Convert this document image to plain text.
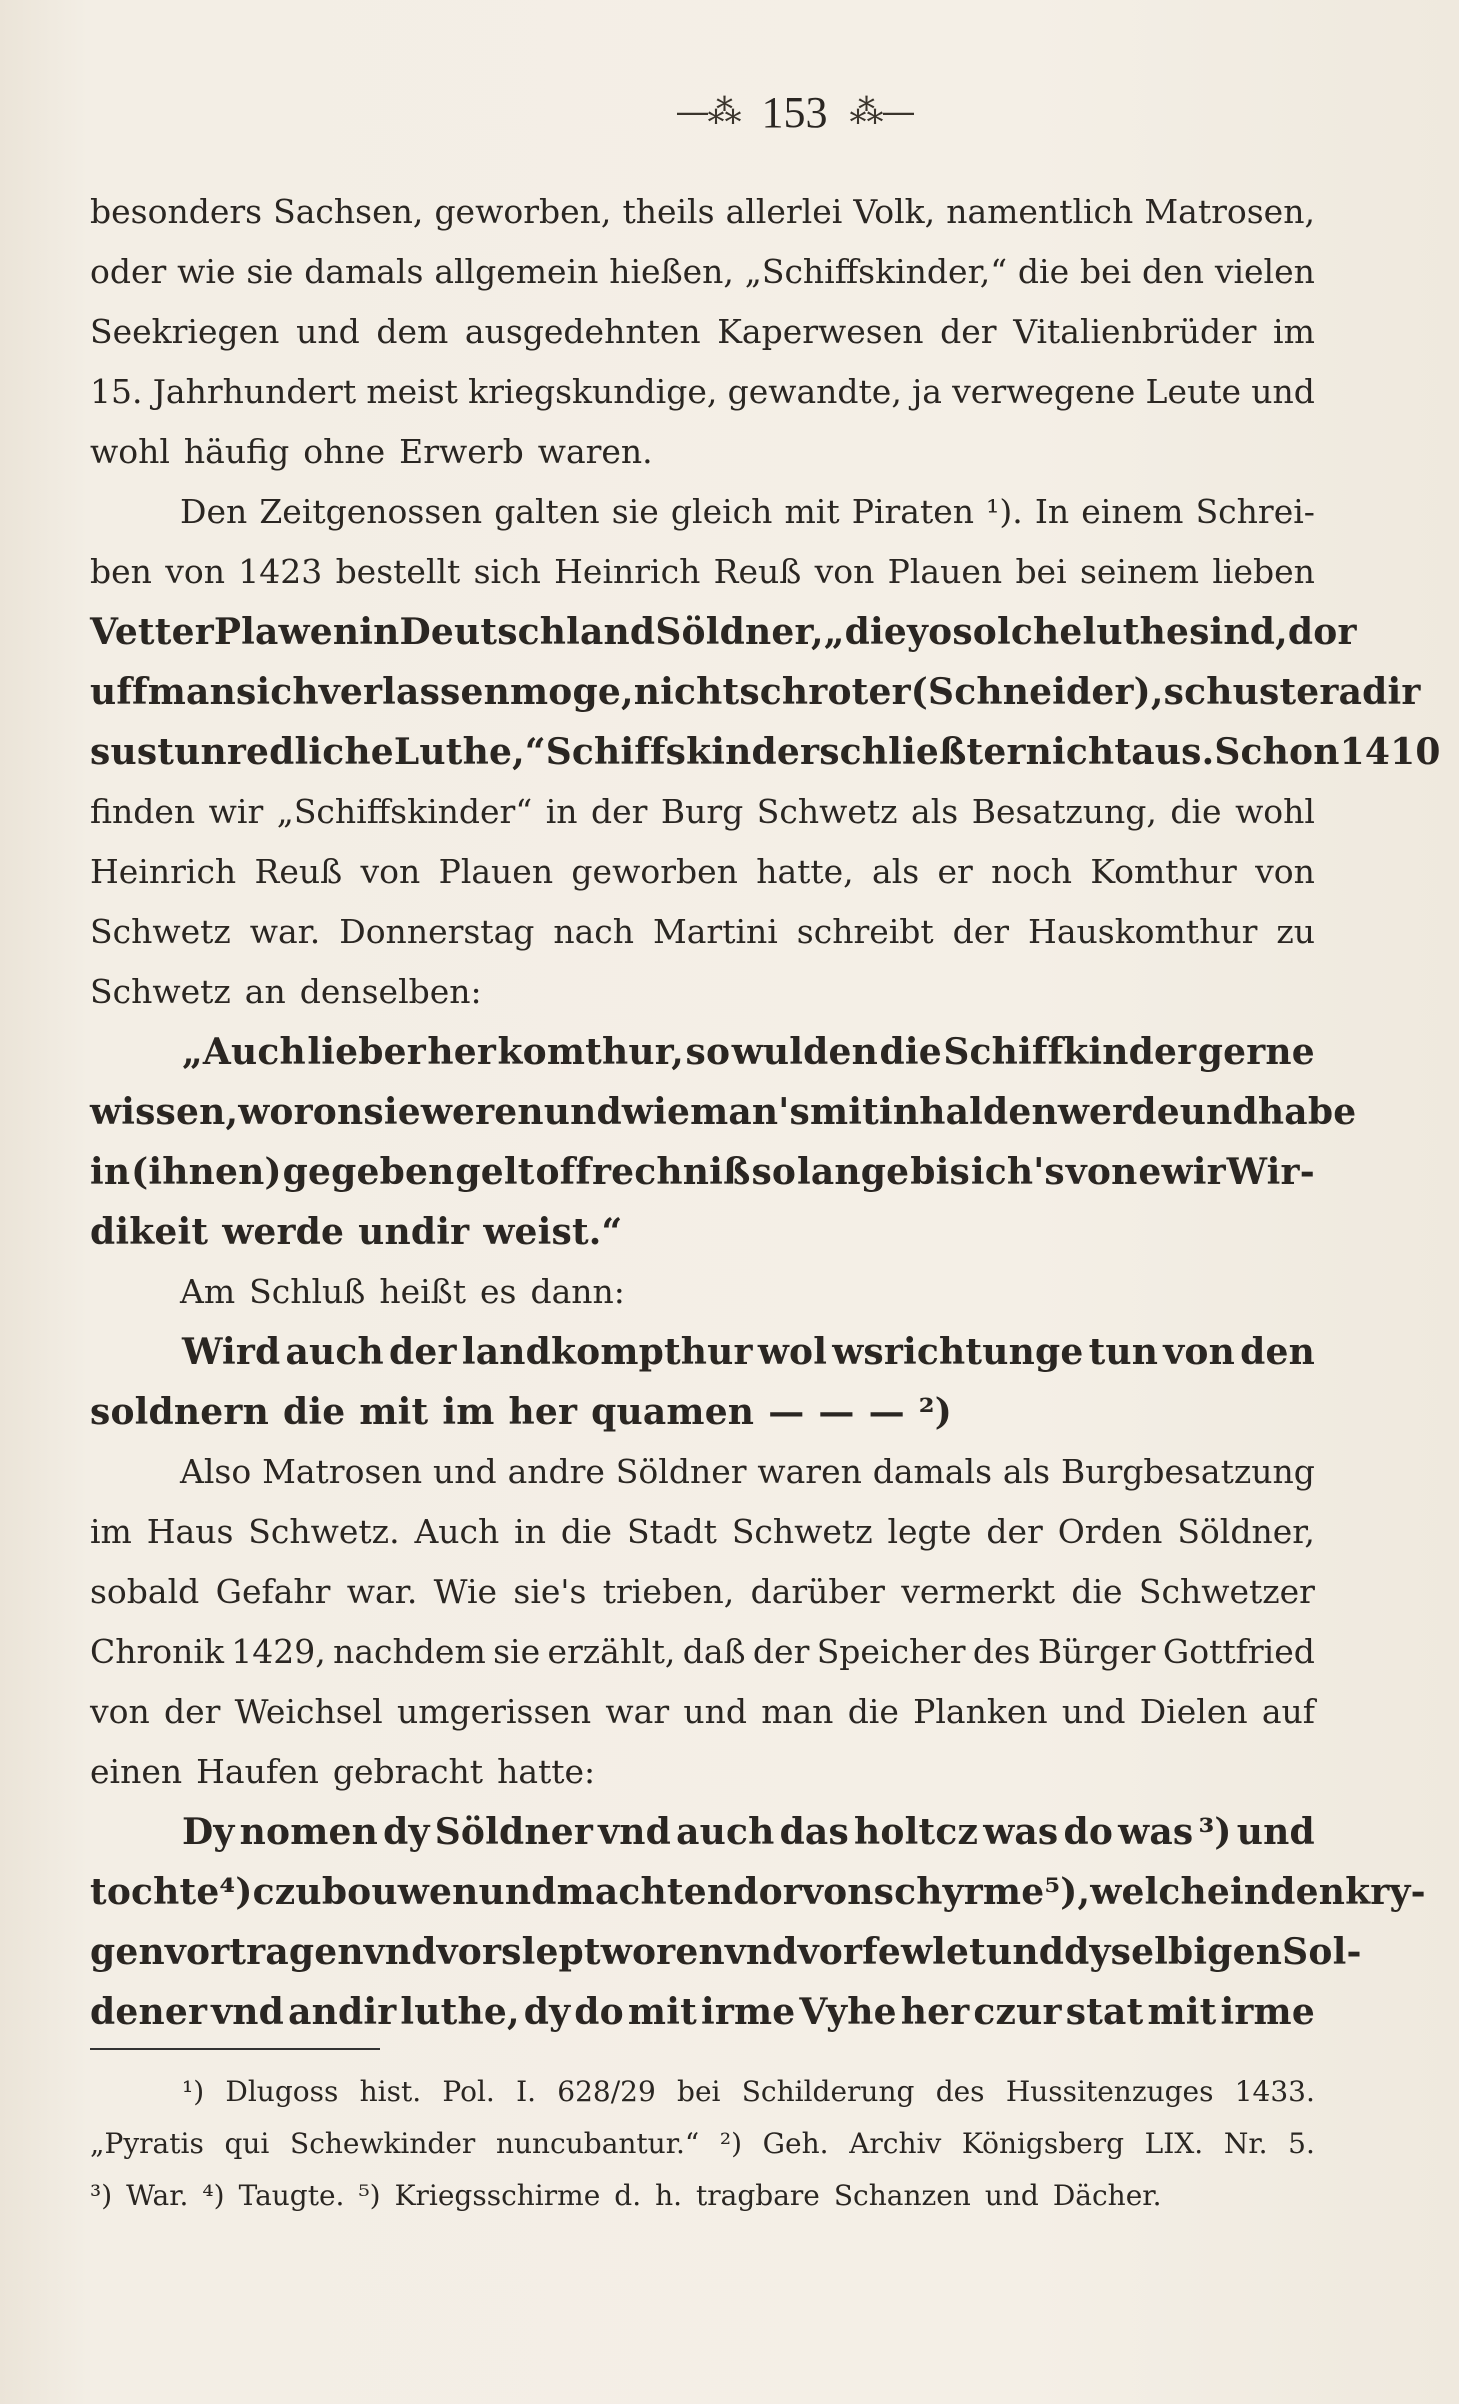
—⁂ 153 ⁂—
besonders Sachsen, geworben, theils allerlei Volk, namentlich Matrosen,
oder wie sie damals allgemein hießen, „Schiffskinder,“ die bei den vielen
Seekriegen und dem ausgedehnten Kaperwesen der Vitalienbrüder im
15. Jahrhundert meist kriegskundige, gewandte, ja verwegene Leute und
wohl häufig ohne Erwerb waren.
Den Zeitgenossen galten sie gleich mit Piraten ¹). In einem Schrei-
ben von 1423 bestellt sich Heinrich Reuß von Plauen bei seinem lieben
Vetter Plawen in Deutschland Söldner, „die yo solche luthe sind, dor
uff man sich verlassen moge, nicht schroter (Schneider), schuster adir
sust unredliche Luthe,“ Schiffskinder schließt er nicht aus. Schon 1410
finden wir „Schiffskinder“ in der Burg Schwetz als Besatzung, die wohl
Heinrich Reuß von Plauen geworben hatte, als er noch Komthur von
Schwetz war. Donnerstag nach Martini schreibt der Hauskomthur zu
Schwetz an denselben:
„Auch lieber her komthur, so wulden die Schiffkinder gerne
wissen, woron sie weren und wie man's mit in halden werde und habe
in (ihnen) gegeben gelt off rechniß so lange bis ich's von ewir Wir-
dikeit werde undir weist.“
Am Schluß heißt es dann:
Wird auch der landkompthur wol wsrichtunge tun von den
soldnern die mit im her quamen — — — ²)
Also Matrosen und andre Söldner waren damals als Burgbesatzung
im Haus Schwetz. Auch in die Stadt Schwetz legte der Orden Söldner,
sobald Gefahr war. Wie sie's trieben, darüber vermerkt die Schwetzer
Chronik 1429, nachdem sie erzählt, daß der Speicher des Bürger Gottfried
von der Weichsel umgerissen war und man die Planken und Dielen auf
einen Haufen gebracht hatte:
Dy nomen dy Söldner vnd auch das holtcz was do was ³) und
tochte ⁴) czu bouwen und machten dorvon schyrme ⁵), welche in den kry-
gen vortragen vnd vorslept woren vnd vorfewlet und dy selbigen Sol-
dener vnd andir luthe, dy do mit irme Vyhe her czur stat mit irme
¹) Dlugoss hist. Pol. I. 628/29 bei Schilderung des Hussitenzuges 1433.
„Pyratis qui Schewkinder nuncubantur.“ ²) Geh. Archiv Königsberg LIX. Nr. 5.
³) War. ⁴) Taugte. ⁵) Kriegsschirme d. h. tragbare Schanzen und Dächer.
